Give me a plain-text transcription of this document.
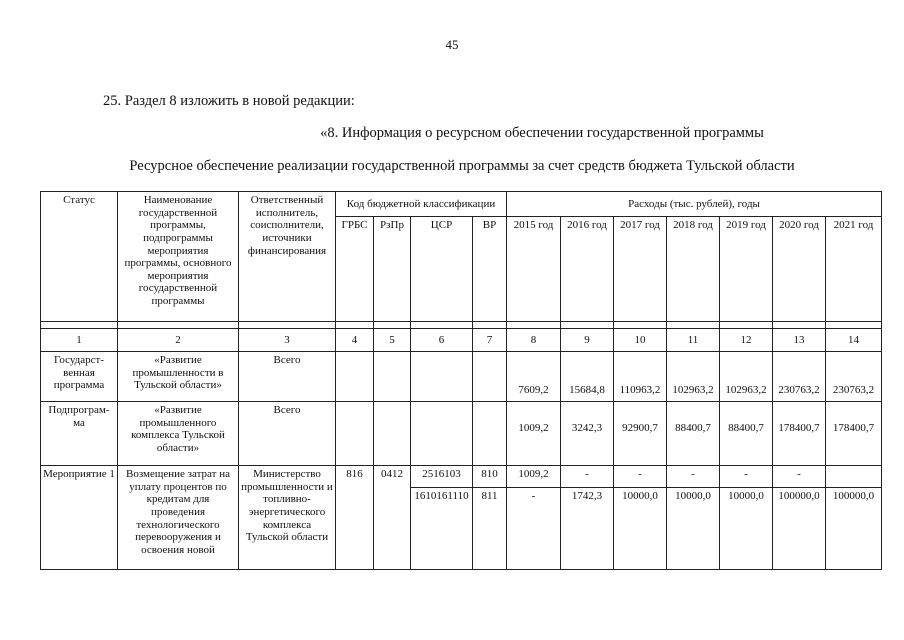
45
25. Раздел 8 изложить в новой редакции:
«8. Информация о ресурсном обеспечении государственной программы
Ресурсное обеспечение реализации государственной программы за счет средств бюджета Тульской области
Статус	Наименование государственной программы, подпрограммы мероприятия программы, основного мероприятия государственной программы	Ответственный исполнитель, соисполнители, источники финансирования	Код бюджетной классификации				Расходы (тыс. рублей), годы						
			ГРБС	РзПр	ЦСР	ВР	2015 год	2016 год	2017 год	2018 год	2019 год	2020 год	2021 год

1	2	3	4	5	6	7	8	9	10	11	12	13	14
Государст-венная программа	«Развитие промышленности в Тульской области»	Всего					7609,2	15684,8	110963,2	102963,2	102963,2	230763,2	230763,2
Подпрограм-ма	«Развитие промышленного комплекса Тульской области»	Всего					1009,2	3242,3	92900,7	88400,7	88400,7	178400,7	178400,7
Мероприятие 1	Возмещение затрат на уплату процентов по кредитам для проведения технологического перевооружения и освоения новой	Министерство промышленности и топливно-энергетического комплекса Тульской области	816	0412	2516103	810	1009,2	-	-	-	-	-	
					1610161110	811	-	1742,3	10000,0	10000,0	10000,0	100000,0	100000,0
